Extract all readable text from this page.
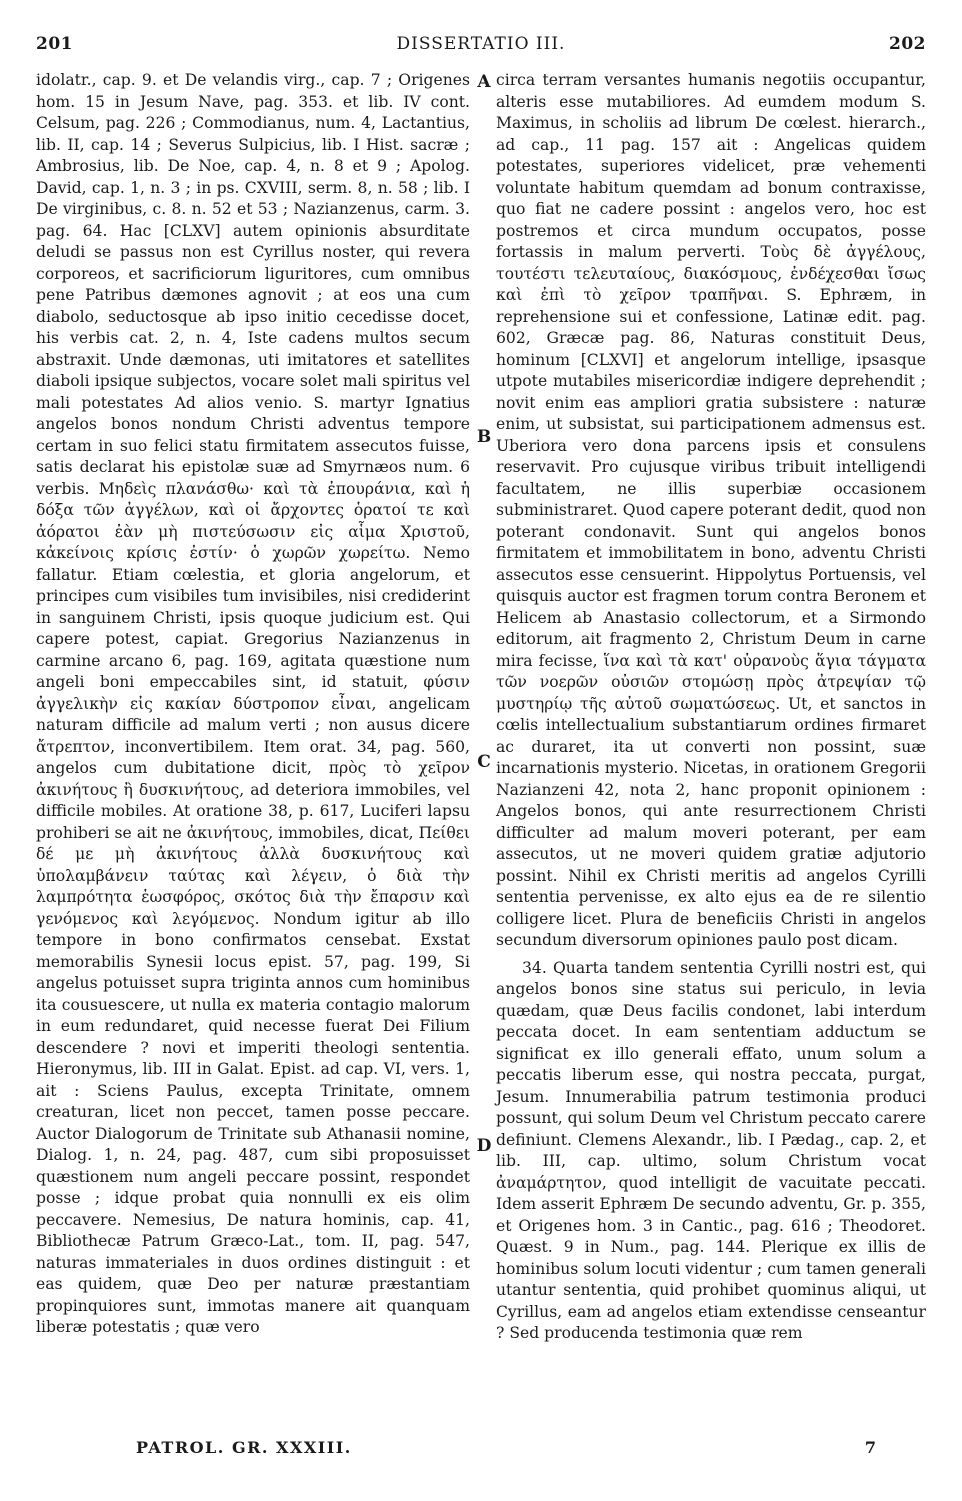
201	DISSERTATIO III.	202

idolatr., cap. 9. et De velandis virg., cap. 7 ; Origenes hom. 15 in Jesum Nave, pag. 353. et lib. IV cont. Celsum, pag. 226 ; Commodianus, num. 4, Lactantius, lib. II, cap. 14 ; Severus Sulpicius, lib. I Hist. sacræ ; Ambrosius, lib. De Noe, cap. 4, n. 8 et 9 ; Apolog. David, cap. 1, n. 3 ; in ps. CXVIII, serm. 8, n. 58 ; lib. I De virginibus, c. 8. n. 52 et 53 ; Nazianzenus, carm. 3. pag. 64. Hac [CLXV] autem opinionis absurditate deludi se passus non est Cyrillus noster, qui revera corporeos, et sacrificiorum liguritores, cum omnibus pene Patribus dæmones agnovit ; at eos una cum diabolo, seductosque ab ipso initio cecedisse docet, his verbis cat. 2, n. 4, Iste cadens multos secum abstraxit. Unde dæmonas, uti imitatores et satellites diaboli ipsique subjectos, vocare solet mali spiritus vel mali potestates Ad alios venio. S. martyr Ignatius angelos bonos nondum Christi adventus tempore certam in suo felici statu firmitatem assecutos fuisse, satis declarat his epistolæ suæ ad Smyrnæos num. 6 verbis. Μηδεὶς πλανάσθω· καὶ τὰ ἐπουράνια, καὶ ἡ δόξα τῶν ἀγγέλων, καὶ οἱ ἄρχοντες ὁρατοί τε καὶ ἀόρατοι ἐὰν μὴ πιστεύσωσιν εἰς αἷμα Χριστοῦ, κἀκείνοις κρίσις ἐστίν· ὁ χωρῶν χωρείτω. Nemo fallatur. Etiam cœlestia, et gloria angelorum, et principes cum visibiles tum invisibiles, nisi crediderint in sanguinem Christi, ipsis quoque judicium est. Qui capere potest, capiat. Gregorius Nazianzenus in carmine arcano 6, pag. 169, agitata quæstione num angeli boni empeccabiles sint, id statuit, φύσιν ἀγγελικὴν εἰς κακίαν δύστροπον εἶναι, angelicam naturam difficile ad malum verti ; non ausus dicere ἄτρεπτον, inconvertibilem. Item orat. 34, pag. 560, angelos cum dubitatione dicit, πρὸς τὸ χεῖρον ἀκινήτους ἢ δυσκινήτους, ad deteriora immobiles, vel difficile mobiles. At oratione 38, p. 617, Luciferi lapsu prohiberi se ait ne ἀκινήτους, immobiles, dicat, Πείθει δέ με μὴ ἀκινήτους ἀλλὰ δυσκινήτους καὶ ὑπολαμβάνειν ταύτας καὶ λέγειν, ὁ διὰ τὴν λαμπρότητα ἑωσφόρος, σκότος διὰ τὴν ἔπαρσιν καὶ γενόμενος καὶ λεγόμενος. Nondum igitur ab illo tempore in bono confirmatos censebat. Exstat memorabilis Synesii locus epist. 57, pag. 199, Si angelus potuisset supra triginta annos cum hominibus ita cousuescere, ut nulla ex materia contagio malorum in eum redundaret, quid necesse fuerat Dei Filium descendere ? novi et imperiti theologi sententia. Hieronymus, lib. III in Galat. Epist. ad cap. VI, vers. 1, ait : Sciens Paulus, excepta Trinitate, omnem creaturan, licet non peccet, tamen posse peccare. Auctor Dialogorum de Trinitate sub Athanasii nomine, Dialog. 1, n. 24, pag. 487, cum sibi proposuisset quæstionem num angeli peccare possint, respondet posse ; idque probat quia nonnulli ex eis olim peccavere. Nemesius, De natura hominis, cap. 41, Bibliothecæ Patrum Græco-Lat., tom. II, pag. 547, naturas immateriales in duos ordines distinguit : et eas quidem, quæ Deo per naturæ præstantiam propinquiores sunt, immotas manere ait quanquam liberæ potestatis ; quæ vero

A
B
C
D

circa terram versantes humanis negotiis occupantur, alteris esse mutabiliores. Ad eumdem modum S. Maximus, in scholiis ad librum De cœlest. hierarch., ad cap., 11 pag. 157 ait : Angelicas quidem potestates, superiores videlicet, præ vehementi voluntate habitum quemdam ad bonum contraxisse, quo fiat ne cadere possint : angelos vero, hoc est postremos et circa mundum occupatos, posse fortassis in malum perverti. Τοὺς δὲ ἀγγέλους, τουτέστι τελευταίους, διακόσμους, ἐνδέχεσθαι ἴσως καὶ ἐπὶ τὸ χεῖρον τραπῆναι. S. Ephræm, in reprehensione sui et confessione, Latinæ edit. pag. 602, Græcæ pag. 86, Naturas constituit Deus, hominum [CLXVI] et angelorum intellige, ipsasque utpote mutabiles misericordiæ indigere deprehendit ; novit enim eas ampliori gratia subsistere : naturæ enim, ut subsistat, sui participationem admensus est. Uberiora vero dona parcens ipsis et consulens reservavit. Pro cujusque viribus tribuit intelligendi facultatem, ne illis superbiæ occasionem subministraret. Quod capere poterant dedit, quod non poterant condonavit. Sunt qui angelos bonos firmitatem et immobilitatem in bono, adventu Christi assecutos esse censuerint. Hippolytus Portuensis, vel quisquis auctor est fragmen torum contra Beronem et Helicem ab Anastasio collectorum, et a Sirmondo editorum, ait fragmento 2, Christum Deum in carne mira fecisse, ἵνα καὶ τὰ κατ' οὐρανοὺς ἅγια τάγματα τῶν νοερῶν οὐσιῶν στομώσῃ πρὸς ἀτρεψίαν τῷ μυστηρίῳ τῆς αὐτοῦ σωματώσεως. Ut, et sanctos in cœlis intellectualium substantiarum ordines firmaret ac duraret, ita ut converti non possint, suæ incarnationis mysterio. Nicetas, in orationem Gregorii Nazianzeni 42, nota 2, hanc proponit opinionem : Angelos bonos, qui ante resurrectionem Christi difficulter ad malum moveri poterant, per eam assecutos, ut ne moveri quidem gratiæ adjutorio possint. Nihil ex Christi meritis ad angelos Cyrilli sententia pervenisse, ex alto ejus ea de re silentio colligere licet. Plura de beneficiis Christi in angelos secundum diversorum opiniones paulo post dicam.

34. Quarta tandem sententia Cyrilli nostri est, qui angelos bonos sine status sui periculo, in levia quædam, quæ Deus facilis condonet, labi interdum peccata docet. In eam sententiam adductum se significat ex illo generali effato, unum solum a peccatis liberum esse, qui nostra peccata, purgat, Jesum. Innumerabilia patrum testimonia produci possunt, qui solum Deum vel Christum peccato carere definiunt. Clemens Alexandr., lib. I Pædag., cap. 2, et lib. III, cap. ultimo, solum Christum vocat ἀναμάρτητον, quod intelligit de vacuitate peccati. Idem asserit Ephræm De secundo adventu, Gr. p. 355, et Origenes hom. 3 in Cantic., pag. 616 ; Theodoret. Quæst. 9 in Num., pag. 144. Plerique ex illis de hominibus solum locuti videntur ; cum tamen generali utantur sententia, quid prohibet quominus aliqui, ut Cyrillus, eam ad angelos etiam extendisse censeantur ? Sed producenda testimonia quæ rem

PATROL. GR. XXXIII.	7
